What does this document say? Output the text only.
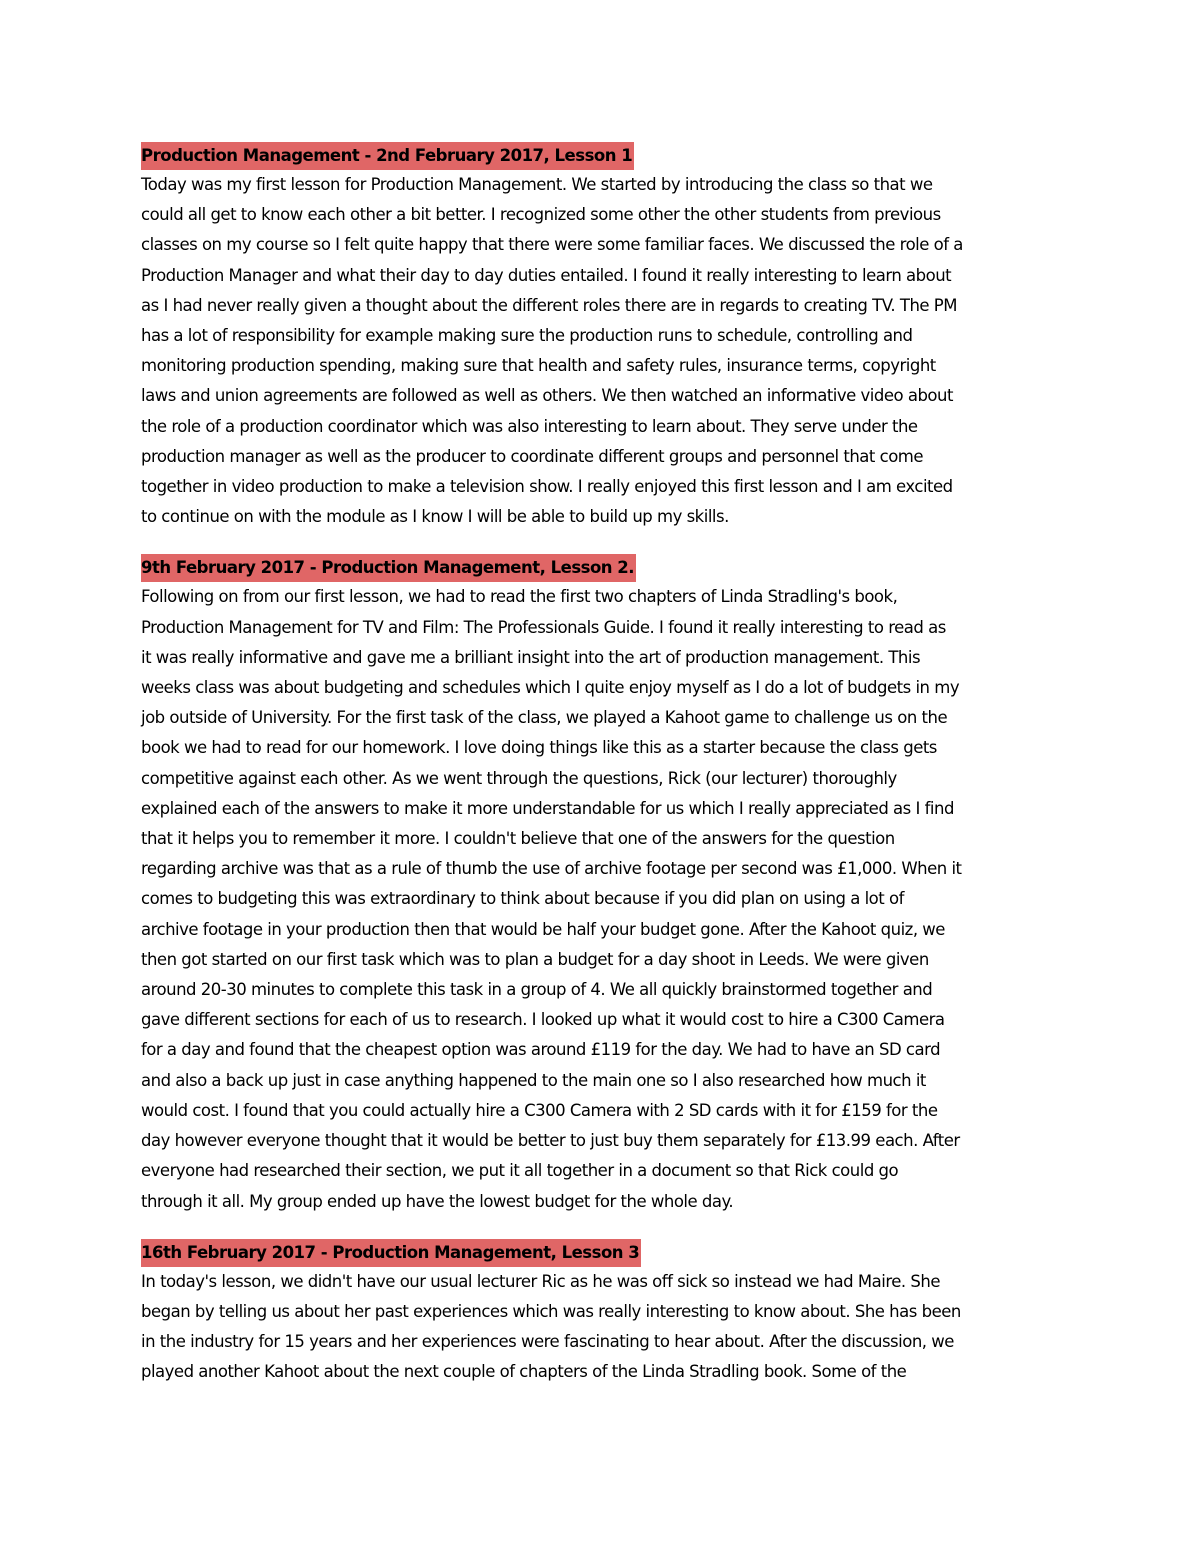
Production Management - 2nd February 2017, Lesson 1
Today was my first lesson for Production Management. We started by introducing the class so that we
could all get to know each other a bit better. I recognized some other the other students from previous
classes on my course so I felt quite happy that there were some familiar faces. We discussed the role of a
Production Manager and what their day to day duties entailed. I found it really interesting to learn about
as I had never really given a thought about the different roles there are in regards to creating TV. The PM
has a lot of responsibility for example making sure the production runs to schedule, controlling and
monitoring production spending, making sure that health and safety rules, insurance terms, copyright
laws and union agreements are followed as well as others. We then watched an informative video about
the role of a production coordinator which was also interesting to learn about. They serve under the
production manager as well as the producer to coordinate different groups and personnel that come
together in video production to make a television show. I really enjoyed this first lesson and I am excited
to continue on with the module as I know I will be able to build up my skills.
9th February 2017 - Production Management, Lesson 2.
Following on from our first lesson, we had to read the first two chapters of Linda Stradling's book,
Production Management for TV and Film: The Professionals Guide. I found it really interesting to read as
it was really informative and gave me a brilliant insight into the art of production management. This
weeks class was about budgeting and schedules which I quite enjoy myself as I do a lot of budgets in my
job outside of University. For the first task of the class, we played a Kahoot game to challenge us on the
book we had to read for our homework. I love doing things like this as a starter because the class gets
competitive against each other. As we went through the questions, Rick (our lecturer) thoroughly
explained each of the answers to make it more understandable for us which I really appreciated as I find
that it helps you to remember it more. I couldn't believe that one of the answers for the question
regarding archive was that as a rule of thumb the use of archive footage per second was £1,000. When it
comes to budgeting this was extraordinary to think about because if you did plan on using a lot of
archive footage in your production then that would be half your budget gone. After the Kahoot quiz, we
then got started on our first task which was to plan a budget for a day shoot in Leeds. We were given
around 20-30 minutes to complete this task in a group of 4. We all quickly brainstormed together and
gave different sections for each of us to research. I looked up what it would cost to hire a C300 Camera
for a day and found that the cheapest option was around £119 for the day. We had to have an SD card
and also a back up just in case anything happened to the main one so I also researched how much it
would cost. I found that you could actually hire a C300 Camera with 2 SD cards with it for £159 for the
day however everyone thought that it would be better to just buy them separately for £13.99 each. After
everyone had researched their section, we put it all together in a document so that Rick could go
through it all. My group ended up have the lowest budget for the whole day.
16th February 2017 - Production Management, Lesson 3
In today's lesson, we didn't have our usual lecturer Ric as he was off sick so instead we had Maire. She
began by telling us about her past experiences which was really interesting to know about. She has been
in the industry for 15 years and her experiences were fascinating to hear about. After the discussion, we
played another Kahoot about the next couple of chapters of the Linda Stradling book. Some of the
